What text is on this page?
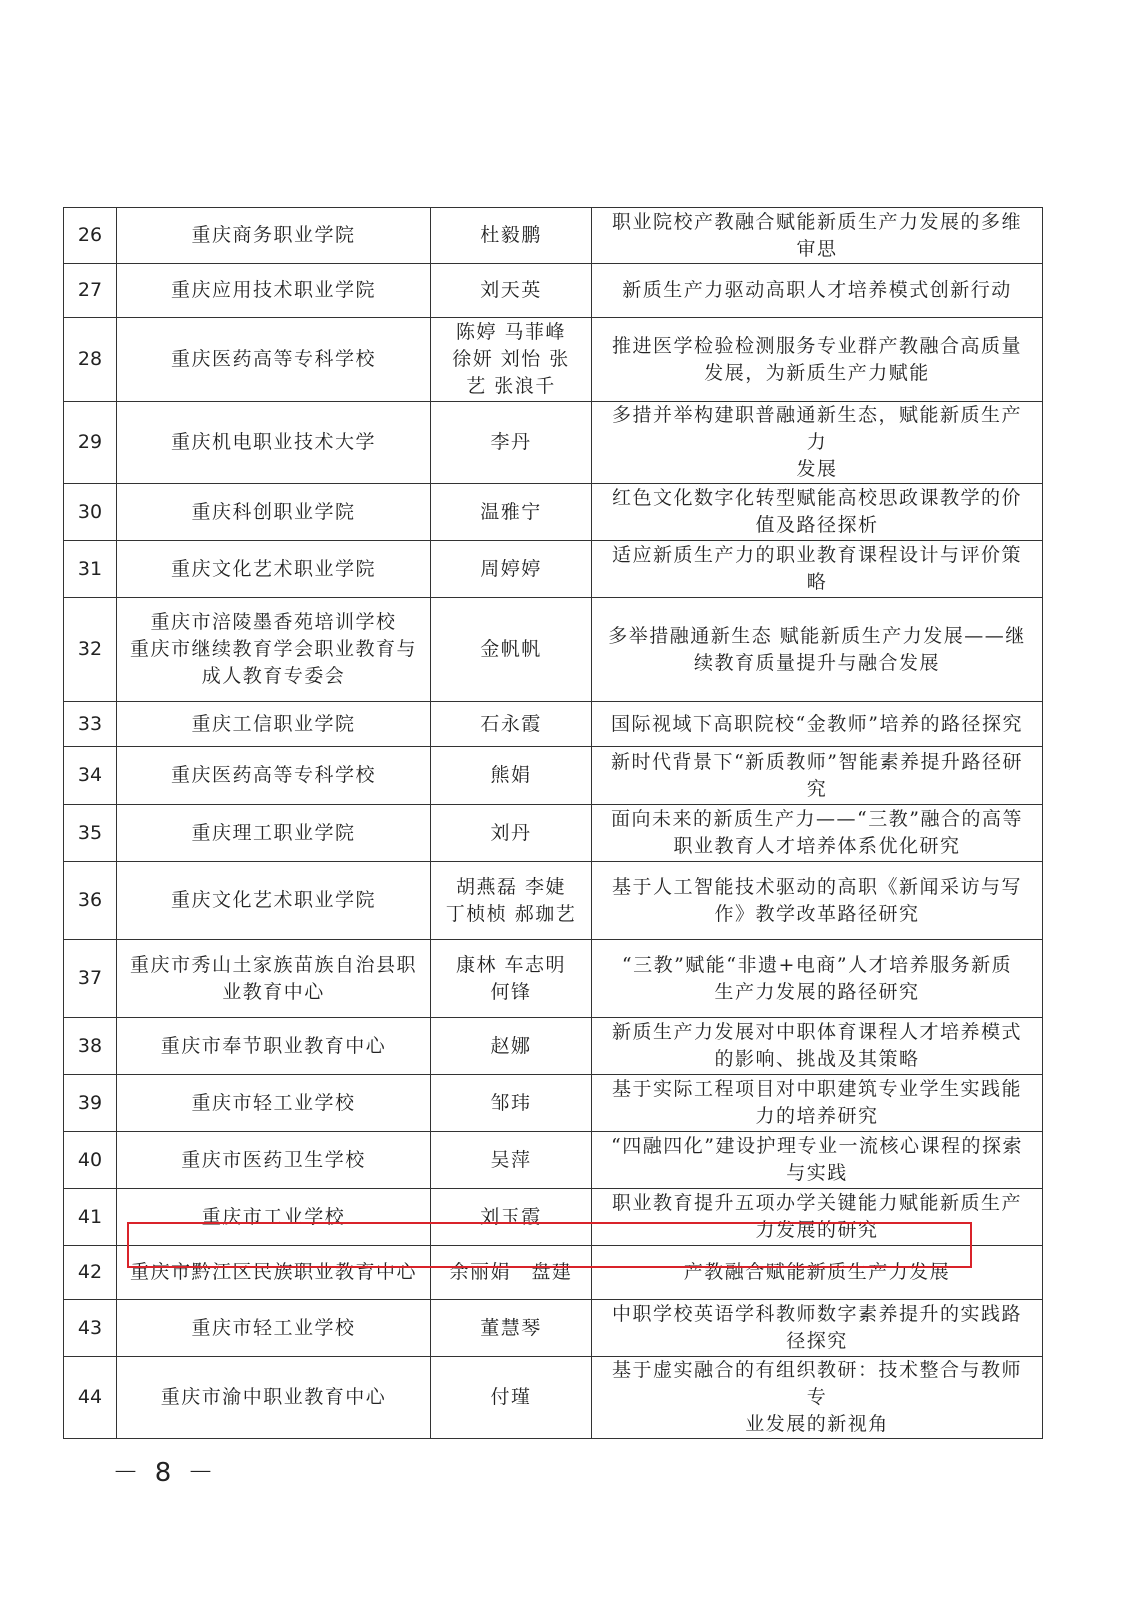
26	重庆商务职业学院	杜毅鹏	职业院校产教融合赋能新质生产力发展的多维
审思
27	重庆应用技术职业学院	刘天英	新质生产力驱动高职人才培养模式创新行动
28	重庆医药高等专科学校	陈婷 马菲峰
徐妍 刘怡 张
艺 张浪千	推进医学检验检测服务专业群产教融合高质量
发展，为新质生产力赋能
29	重庆机电职业技术大学	李丹	多措并举构建职普融通新生态，赋能新质生产力
发展
30	重庆科创职业学院	温雅宁	红色文化数字化转型赋能高校思政课教学的价
值及路径探析
31	重庆文化艺术职业学院	周婷婷	适应新质生产力的职业教育课程设计与评价策
略
32	重庆市涪陵墨香苑培训学校
重庆市继续教育学会职业教育与
成人教育专委会	金帆帆	多举措融通新生态 赋能新质生产力发展——继
续教育质量提升与融合发展
33	重庆工信职业学院	石永霞	国际视域下高职院校“金教师”培养的路径探究
34	重庆医药高等专科学校	熊娟	新时代背景下“新质教师”智能素养提升路径研
究
35	重庆理工职业学院	刘丹	面向未来的新质生产力——“三教”融合的高等
职业教育人才培养体系优化研究
36	重庆文化艺术职业学院	胡燕磊 李婕
丁桢桢 郝珈艺	基于人工智能技术驱动的高职《新闻采访与写
作》教学改革路径研究
37	重庆市秀山土家族苗族自治县职
业教育中心	康林 车志明
何锋	“三教”赋能“非遗+电商”人才培养服务新质
生产力发展的路径研究
38	重庆市奉节职业教育中心	赵娜	新质生产力发展对中职体育课程人才培养模式
的影响、挑战及其策略
39	重庆市轻工业学校	邹玮	基于实际工程项目对中职建筑专业学生实践能
力的培养研究
40	重庆市医药卫生学校	吴萍	“四融四化”建设护理专业一流核心课程的探索
与实践
41	重庆市工业学校	刘玉霞	职业教育提升五项办学关键能力赋能新质生产
力发展的研究
42	重庆市黔江区民族职业教育中心	余丽娟　盘建	产教融合赋能新质生产力发展
43	重庆市轻工业学校	董慧琴	中职学校英语学科教师数字素养提升的实践路
径探究
44	重庆市渝中职业教育中心	付瑾	基于虚实融合的有组织教研：技术整合与教师专
业发展的新视角
－ 8 －
